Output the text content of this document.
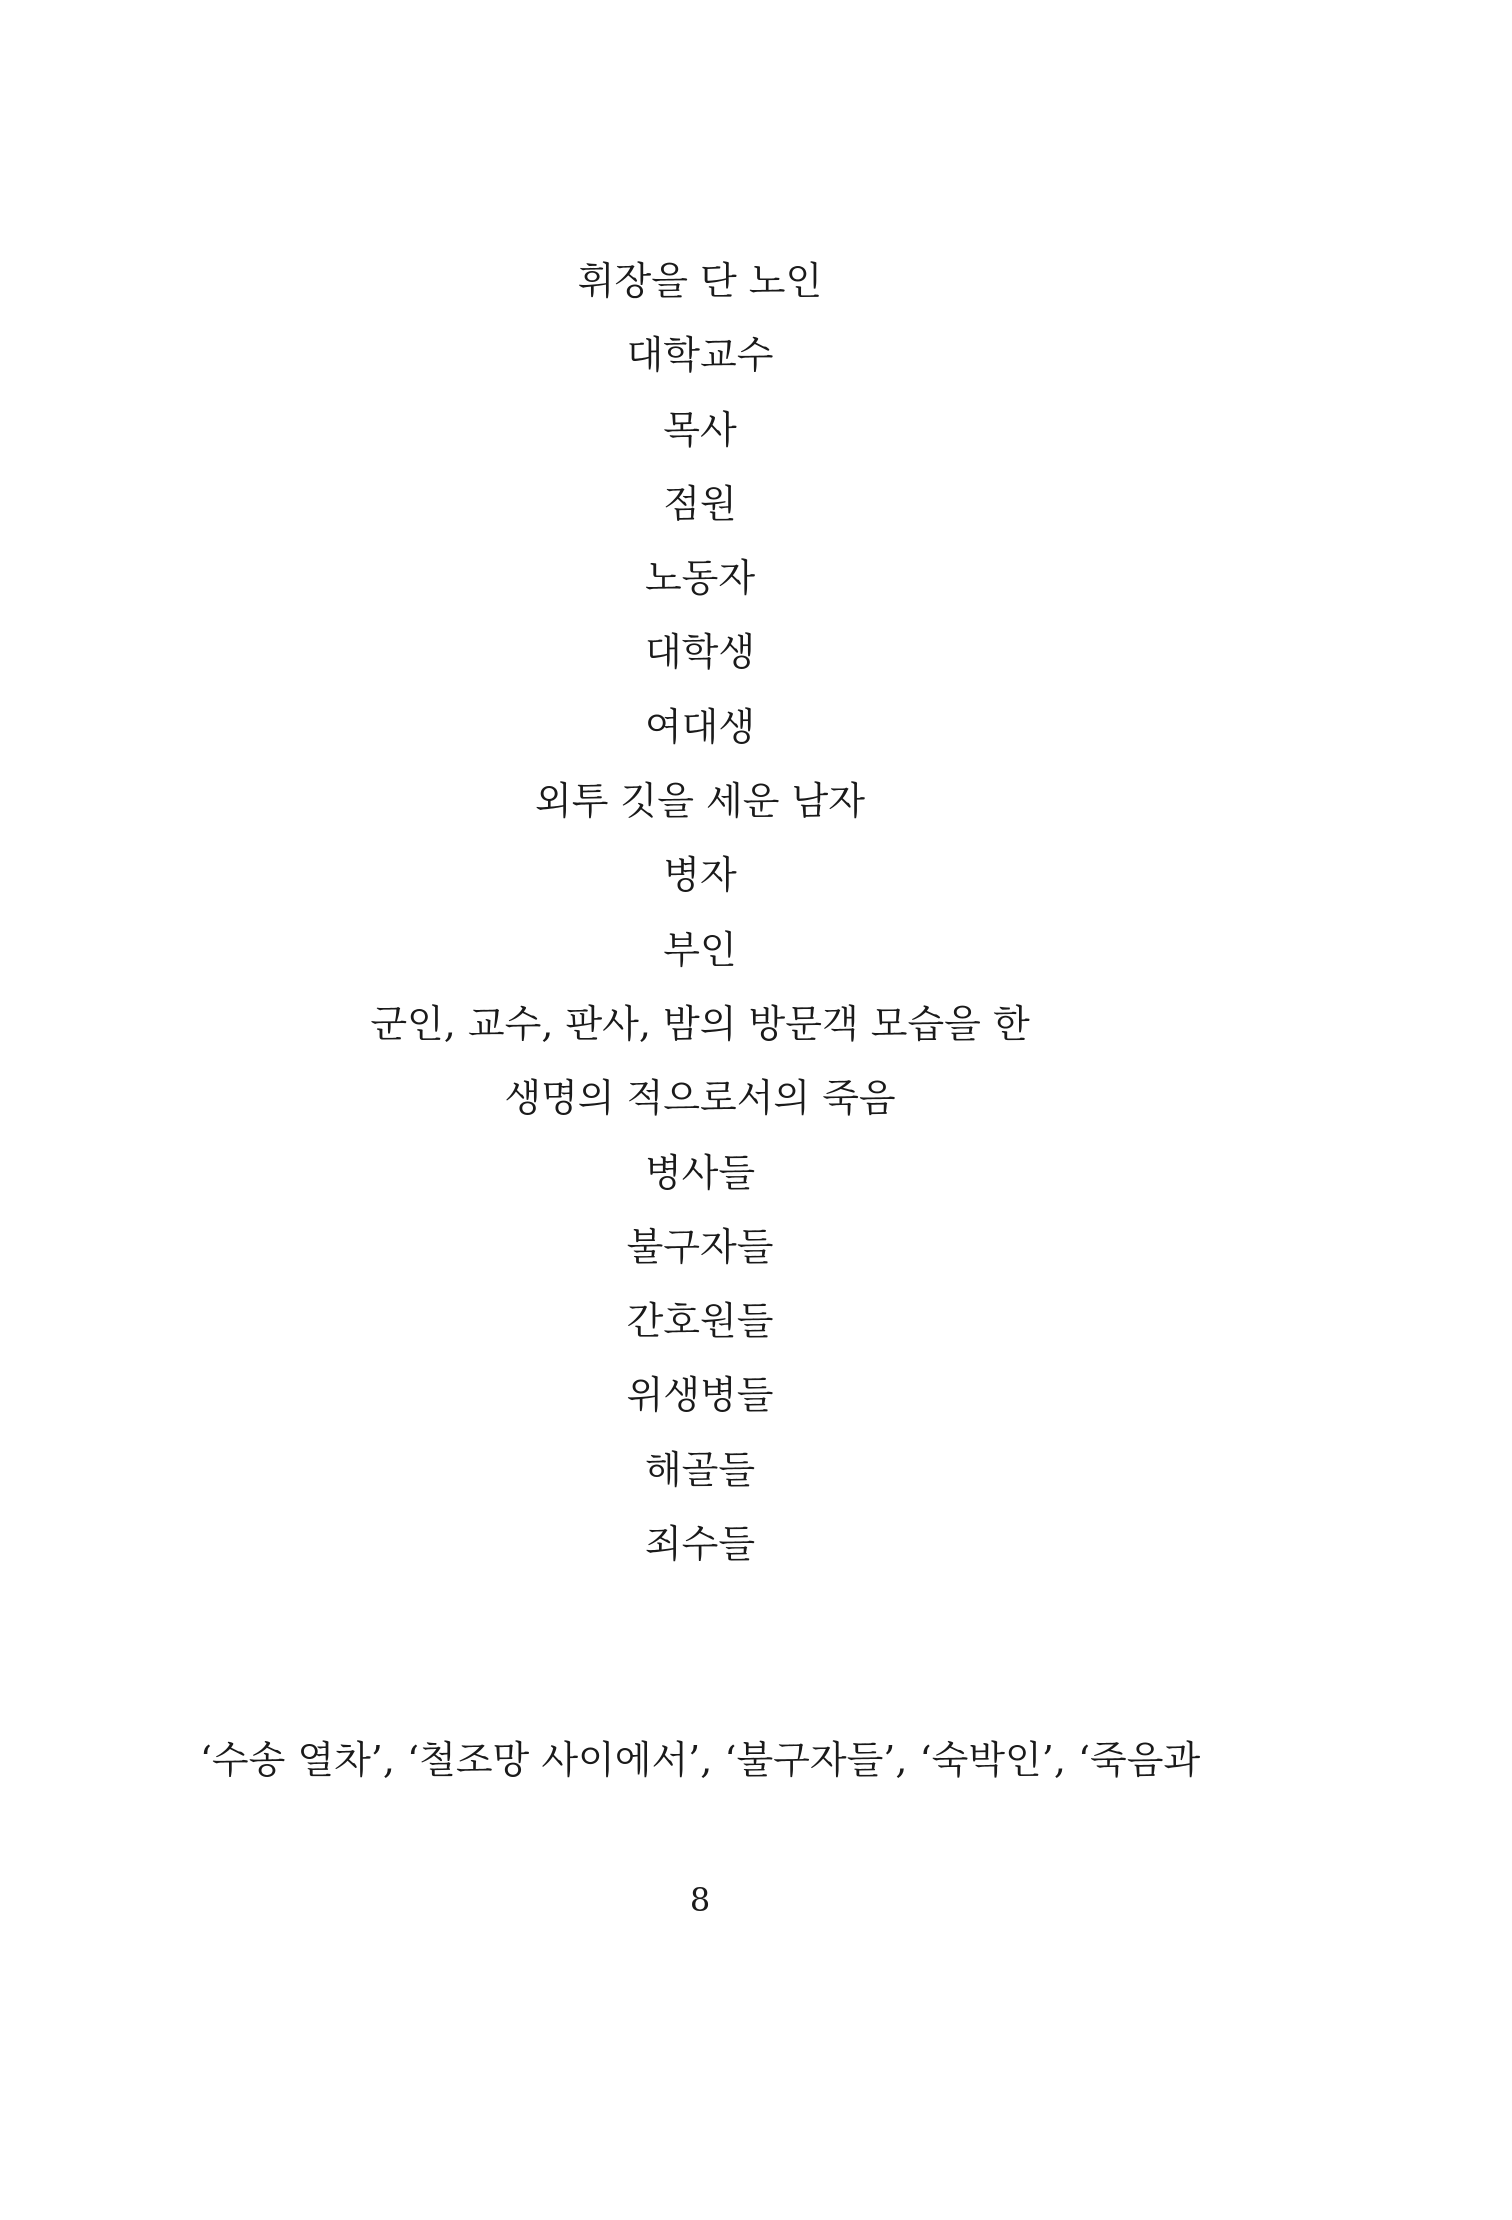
휘장을 단 노인
대학교수
목사
점원
노동자
대학생
여대생
외투 깃을 세운 남자
병자
부인
군인, 교수, 판사, 밤의 방문객 모습을 한
생명의 적으로서의 죽음
병사들
불구자들
간호원들
위생병들
해골들
죄수들
‘수송 열차’, ‘철조망 사이에서’, ‘불구자들’, ‘숙박인’, ‘죽음과
8
